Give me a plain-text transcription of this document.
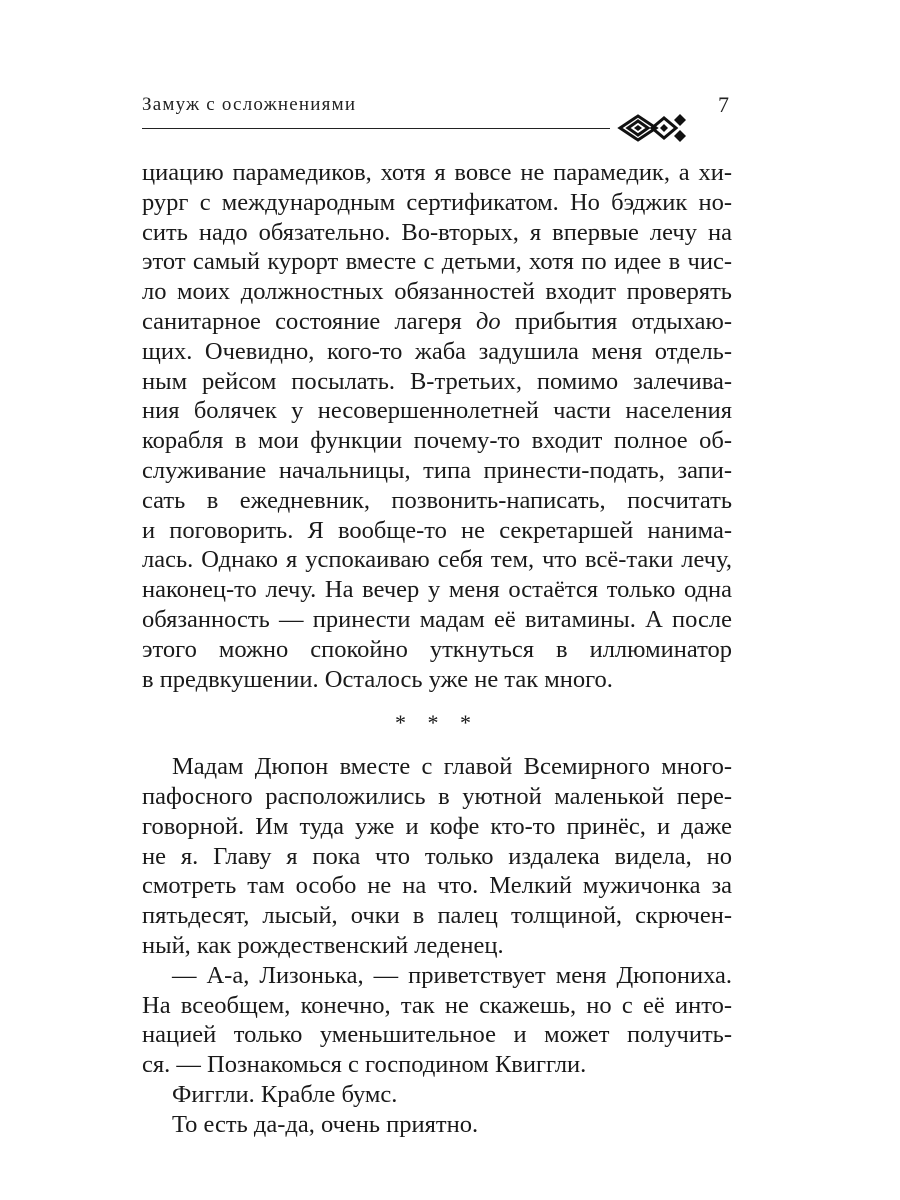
Замуж с осложнениями	7
циацию парамедиков, хотя я вовсе не парамедик, а хи-
рург с международным сертификатом. Но бэджик но-
сить надо обязательно. Во-вторых, я впервые лечу на
этот самый курорт вместе с детьми, хотя по идее в чис-
ло моих должностных обязанностей входит проверять
санитарное состояние лагеря до прибытия отдыхаю-
щих. Очевидно, кого-то жаба задушила меня отдель-
ным рейсом посылать. В-третьих, помимо залечива-
ния болячек у несовершеннолетней части населения
корабля в мои функции почему-то входит полное об-
служивание начальницы, типа принести-подать, запи-
сать в ежедневник, позвонить-написать, посчитать
и поговорить. Я вообще-то не секретаршей нанима-
лась. Однако я успокаиваю себя тем, что всё-таки лечу,
наконец-то лечу. На вечер у меня остаётся только одна
обязанность — принести мадам её витамины. А после
этого можно спокойно уткнуться в иллюминатор
в предвкушении. Осталось уже не так много.
* * *
Мадам Дюпон вместе с главой Всемирного много-
пафосного расположились в уютной маленькой пере-
говорной. Им туда уже и кофе кто-то принёс, и даже
не я. Главу я пока что только издалека видела, но
смотреть там особо не на что. Мелкий мужичонка за
пятьдесят, лысый, очки в палец толщиной, скрючен-
ный, как рождественский леденец.
— А-а, Лизонька, — приветствует меня Дюпониха.
На всеобщем, конечно, так не скажешь, но с её инто-
нацией только уменьшительное и может получить-
ся. — Познакомься с господином Квиггли.
Фиггли. Крабле бумс.
То есть да-да, очень приятно.
